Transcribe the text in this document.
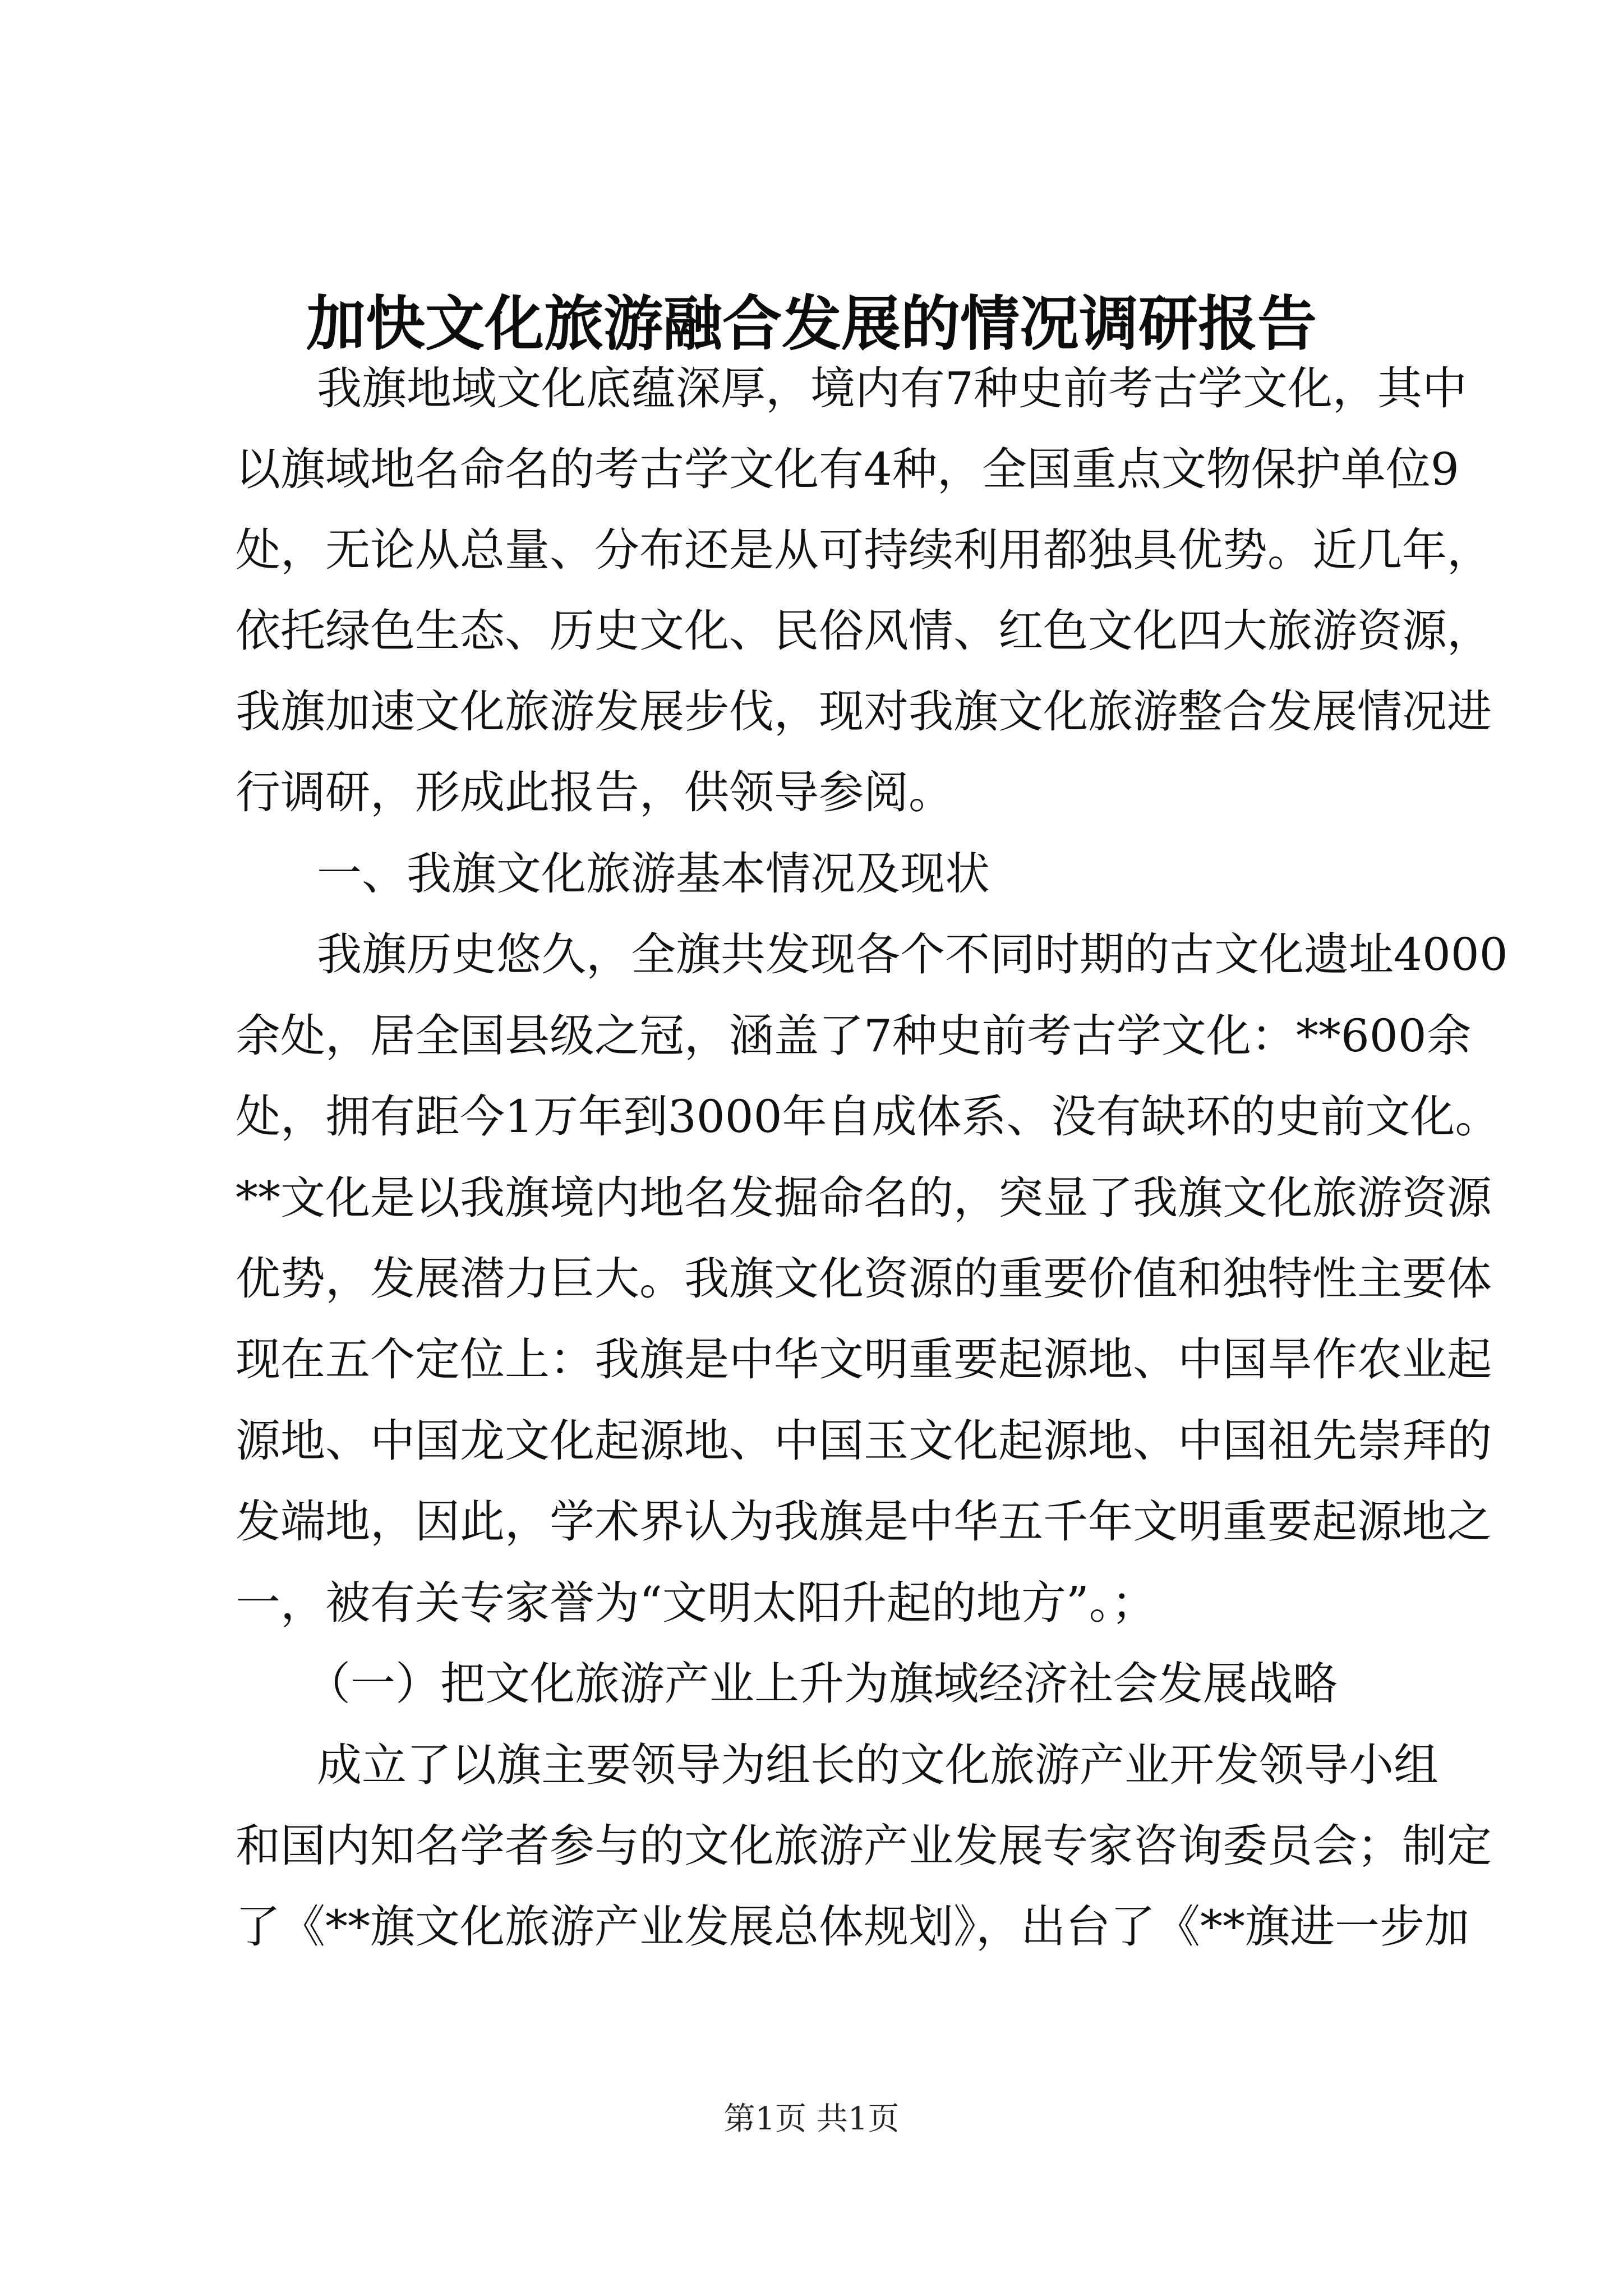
加快文化旅游融合发展的情况调研报告
我旗地域文化底蕴深厚，境内有7种史前考古学文化，其中
以旗域地名命名的考古学文化有4种，全国重点文物保护单位9
处，无论从总量、分布还是从可持续利用都独具优势。近几年，
依托绿色生态、历史文化、民俗风情、红色文化四大旅游资源，
我旗加速文化旅游发展步伐，现对我旗文化旅游整合发展情况进
行调研，形成此报告，供领导参阅。
一、我旗文化旅游基本情况及现状
我旗历史悠久，全旗共发现各个不同时期的古文化遗址4000
余处，居全国县级之冠，涵盖了7种史前考古学文化：**600余
处，拥有距今1万年到3000年自成体系、没有缺环的史前文化。
**文化是以我旗境内地名发掘命名的，突显了我旗文化旅游资源
优势，发展潜力巨大。我旗文化资源的重要价值和独特性主要体
现在五个定位上：我旗是中华文明重要起源地、中国旱作农业起
源地、中国龙文化起源地、中国玉文化起源地、中国祖先崇拜的
发端地，因此，学术界认为我旗是中华五千年文明重要起源地之
一，被有关专家誉为“文明太阳升起的地方”。；
（一）把文化旅游产业上升为旗域经济社会发展战略
成立了以旗主要领导为组长的文化旅游产业开发领导小组
和国内知名学者参与的文化旅游产业发展专家咨询委员会；制定
了《**旗文化旅游产业发展总体规划》，出台了《**旗进一步加
第1页 共1页
